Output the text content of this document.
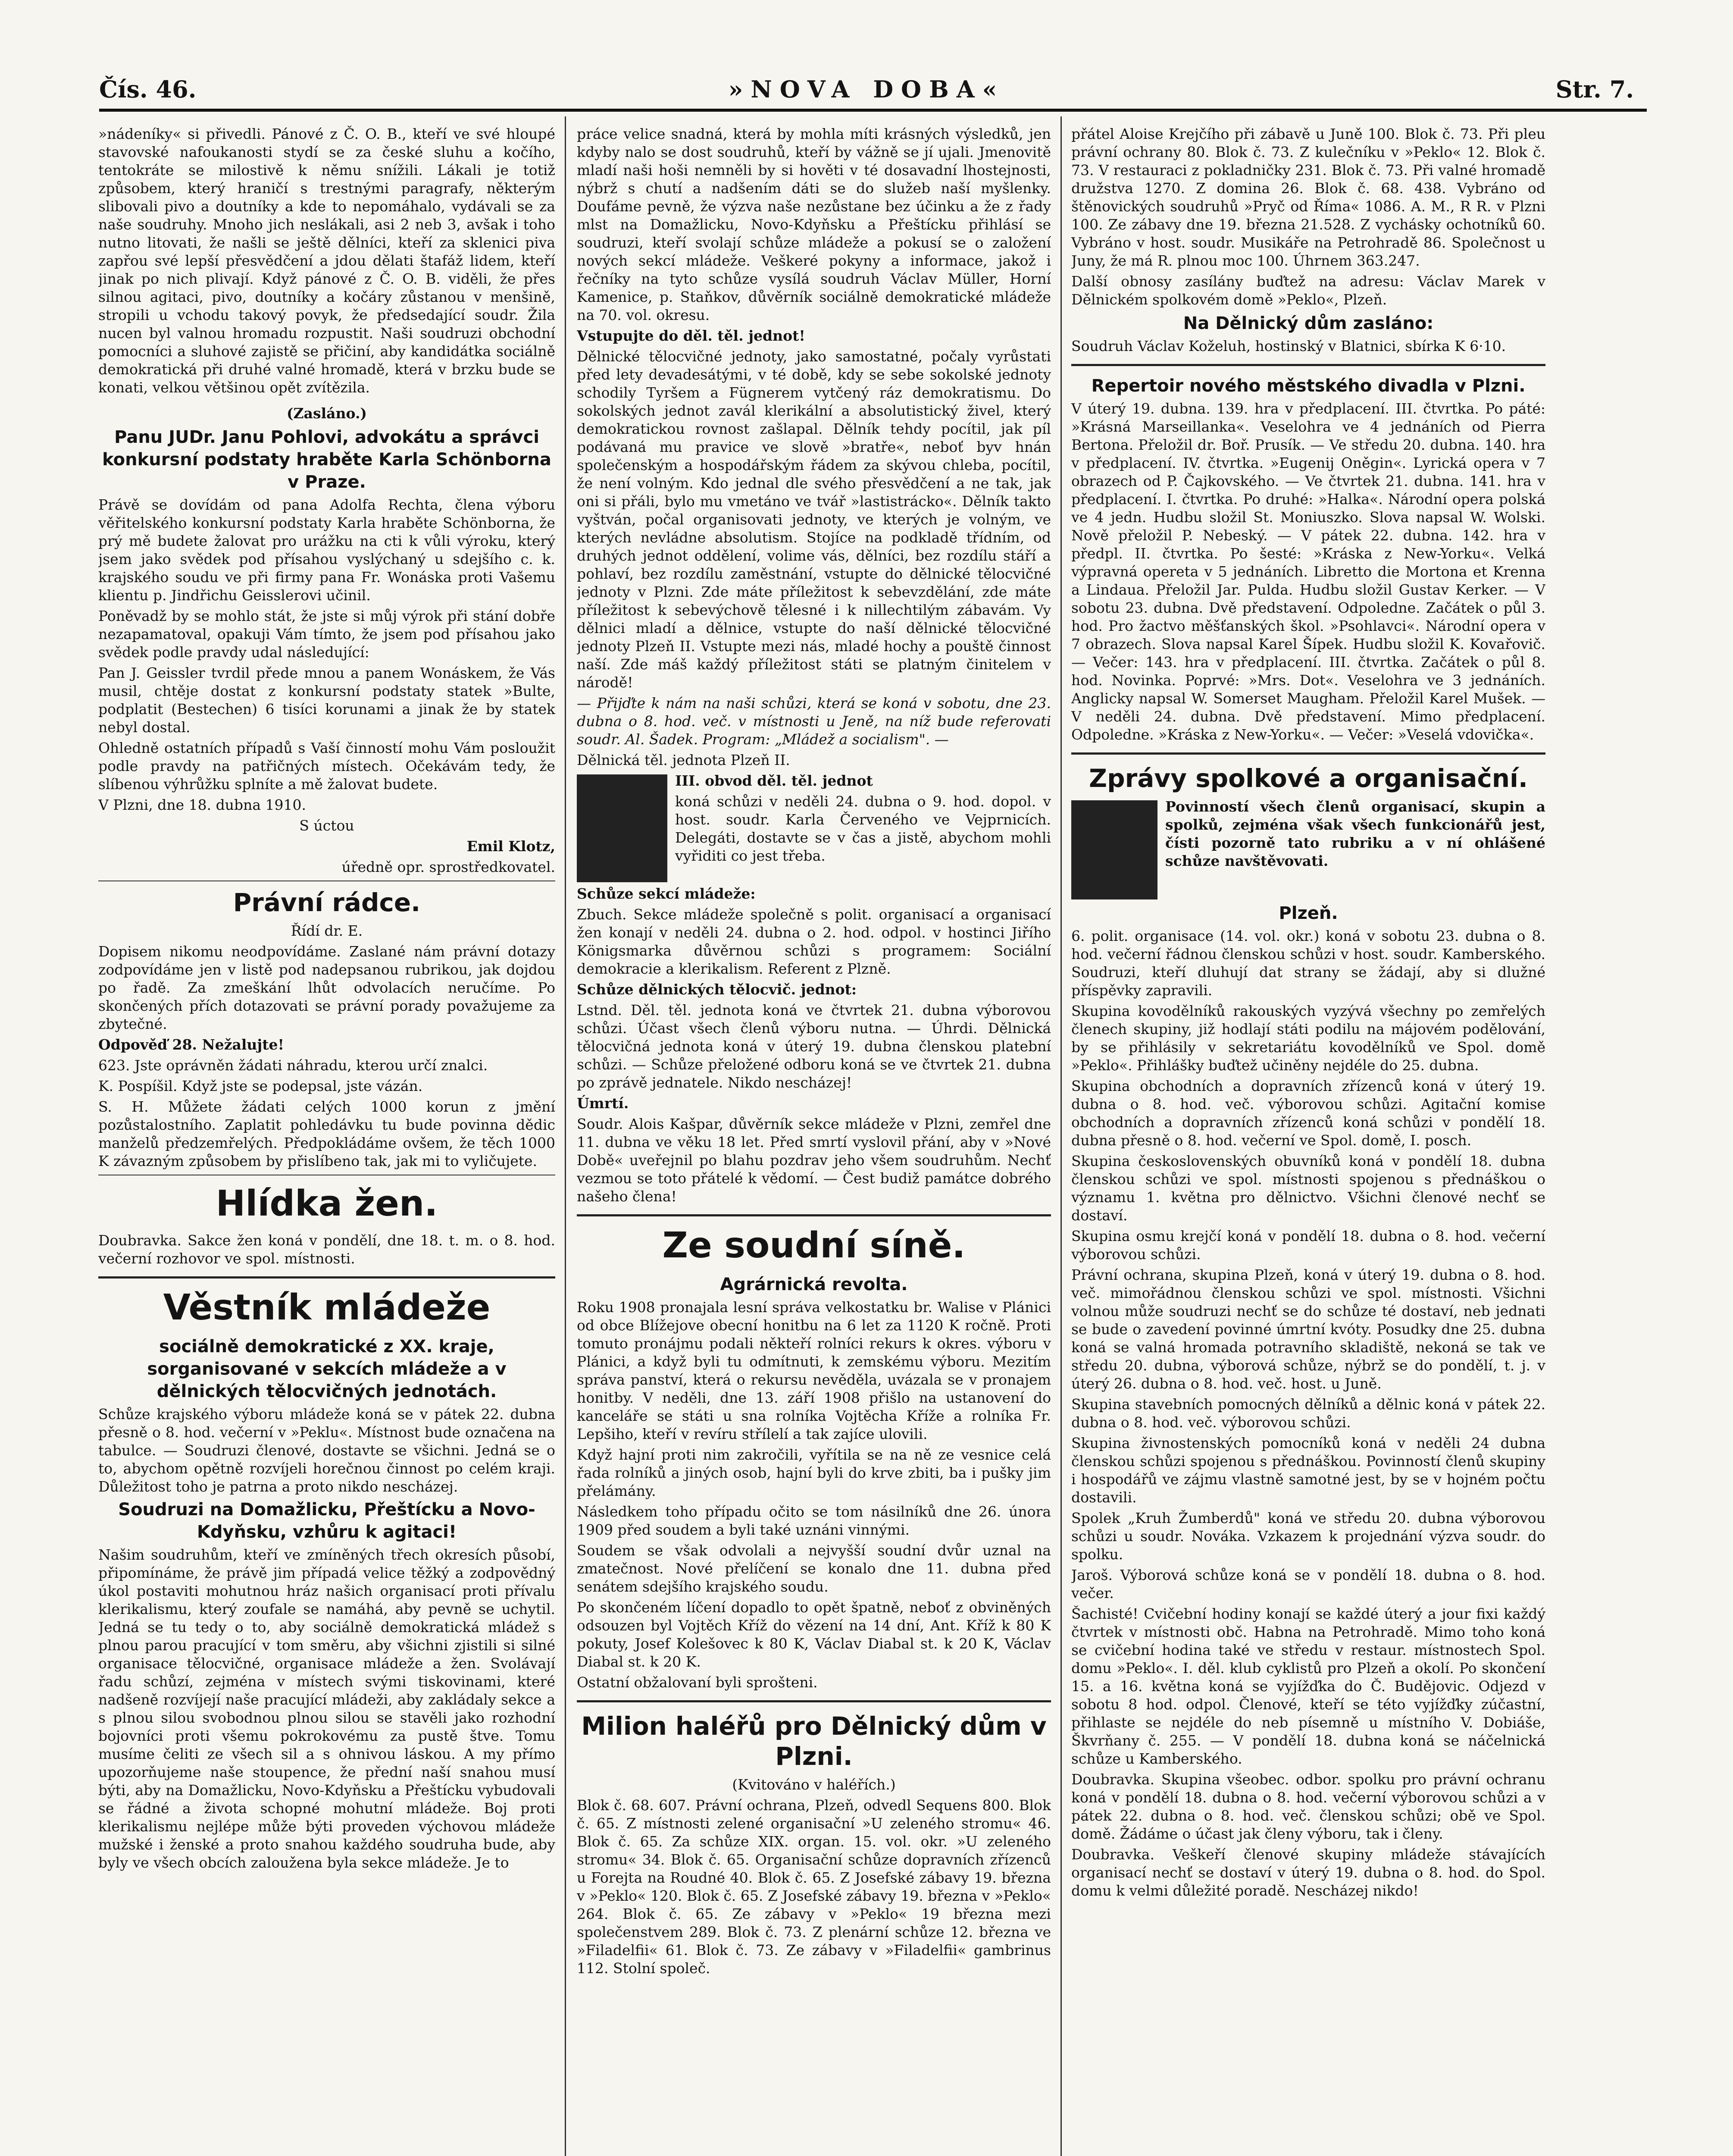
Čís. 46.	»NOVA DOBA«	Str. 7.

»nádeníky« si přivedli. Pánové z Č. O. B., kteří ve své hloupé stavovské nafoukanosti stydí se za české sluhu a kočího, tentokráte se milostivě k němu snížili. Lákali je totiž způsobem, který hraničí s trestnými paragrafy, některým slibovali pivo a doutníky a kde to nepomáhalo, vydávali se za naše soudruhy. Mnoho jich neslákali, asi 2 neb 3, avšak i toho nutno litovati, že našli se ještě dělníci, kteří za sklenici piva zapřou své lepší přesvědčení a jdou dělati štafáž lidem, kteří jinak po nich plivají. Když pánové z Č. O. B. viděli, že přes silnou agitaci, pivo, doutníky a kočáry zůstanou v menšině, stropili u vchodu takový povyk, že předsedající soudr. Žila nucen byl valnou hromadu rozpustit. Naši soudruzi obchodní pomocníci a sluhové zajistě se přičiní, aby kandidátka sociálně demokratická při druhé valné hromadě, která v brzku bude se konati, velkou většinou opět zvítězila.

(Zasláno.)

Panu JUDr. Janu Pohlovi, advokátu a správci konkursní podstaty hraběte Karla Schönborna v Praze.

Právě se dovídám od pana Adolfa Rechta, člena výboru věřitelského konkursní podstaty Karla hraběte Schönborna, že prý mě budete žalovat pro urážku na cti k vůli výroku, který jsem jako svědek pod přísahou vyslýchaný u sdejšího c. k. krajského soudu ve při firmy pana Fr. Wonáska proti Vašemu klientu p. Jindřichu Geisslerovi učinil.

Poněvadž by se mohlo stát, že jste si můj výrok při stání dobře nezapamatoval, opakuji Vám tímto, že jsem pod přísahou jako svědek podle pravdy udal následující:

Pan J. Geissler tvrdil přede mnou a panem Wonáskem, že Vás musil, chtěje dostat z konkursní podstaty statek »Bulte, podplatit (Bestechen) 6 tisíci korunami a jinak že by statek nebyl dostal.

Ohledně ostatních případů s Vaší činností mohu Vám posloužit podle pravdy na patřičných místech. Očekávám tedy, že slíbenou výhrůžku splníte a mě žalovat budete.

V Plzni, dne 18. dubna 1910.

S úctou

Emil Klotz,

úředně opr. sprostředkovatel.

Právní rádce.

Řídí dr. E.

Dopisem nikomu neodpovídáme. Zaslané nám právní dotazy zodpovídáme jen v listě pod nadepsanou rubrikou, jak dojdou po řadě. Za zmeškání lhůt odvolacích neručíme. Po skončených přích dotazovati se právní porady považujeme za zbytečné.

Odpověď 28. Nežalujte!

623. Jste oprávněn žádati náhradu, kterou určí znalci.

K. Pospíšil. Když jste se podepsal, jste vázán.

S. H. Můžete žádati celých 1000 korun z jmění pozůstalostního. Zaplatit pohledávku tu bude povinna dědic manželů předzemřelých. Předpokládáme ovšem, že těch 1000 K závazným způsobem by přislíbeno tak, jak mi to vyličujete.

Hlídka žen.

Doubravka. Sakce žen koná v pondělí, dne 18. t. m. o 8. hod. večerní rozhovor ve spol. místnosti.

Věstník mládeže
sociálně demokratické z XX. kraje, sorganisované v sekcích mládeže a v dělnických tělocvičných jednotách.

Schůze krajského výboru mládeže koná se v pátek 22. dubna přesně o 8. hod. večerní v »Peklu«. Místnost bude označena na tabulce. — Soudruzi členové, dostavte se všichni. Jedná se o to, abychom opětně rozvíjeli horečnou činnost po celém kraji. Důležitost toho je patrna a proto nikdo nescházej.

Soudruzi na Domažlicku, Přeštícku a Novo-Kdyňsku, vzhůru k agitaci!

Našim soudruhům, kteří ve zmíněných třech okresích působí, připomínáme, že právě jim případá velice těžký a zodpovědný úkol postaviti mohutnou hráz našich organisací proti přívalu klerikalismu, který zoufale se namáhá, aby pevně se uchytil. Jedná se tu tedy o to, aby sociálně demokratická mládež s plnou parou pracující v tom směru, aby všichni zjistili si silné organisace tělocvičné, organisace mládeže a žen. Svolávají řadu schůzí, zejména v místech svými tiskovinami, které nadšeně rozvíjejí naše pracující mládeži, aby zakládaly sekce a s plnou silou svobodnou plnou silou se stavěli jako rozhodní bojovníci proti všemu pokrokovému za pustě štve. Tomu musíme čeliti ze všech sil a s ohnivou láskou. A my přímo upozorňujeme naše stoupence, že přední naší snahou musí býti, aby na Domažlicku, Novo-Kdyňsku a Přeštícku vybudovali se řádné a života schopné mohutní mládeže. Boj proti klerikalismu nejlépe může býti proveden výchovou mládeže mužské i ženské a proto snahou každého soudruha bude, aby byly ve všech obcích zaloužena byla sekce mládeže. Je to

práce velice snadná, která by mohla míti krásných výsledků, jen kdyby nalo se dost soudruhů, kteří by vážně se jí ujali. Jmenovitě mladí naši hoši nemněli by si hověti v té dosavadní lhostejnosti, nýbrž s chutí a nadšením dáti se do služeb naší myšlenky. Doufáme pevně, že výzva naše nezůstane bez účinku a že z řady mlst na Domažlicku, Novo-Kdyňsku a Přeštícku přihlásí se soudruzi, kteří svolají schůze mládeže a pokusí se o založení nových sekcí mládeže. Veškeré pokyny a informace, jakož i řečníky na tyto schůze vysílá soudruh Václav Müller, Horní Kamenice, p. Staňkov, důvěrník sociálně demokratické mládeže na 70. vol. okresu.

Vstupujte do děl. těl. jednot!

Dělnické tělocvičné jednoty, jako samostatné, počaly vyrůstati před lety devadesátými, v té době, kdy se sebe sokolské jednoty schodily Tyršem a Fügnerem vytčený ráz demokratismu. Do sokolských jednot zavál klerikální a absolutistický živel, který demokratickou rovnost zašlapal. Dělník tehdy pocítil, jak píl podávaná mu pravice ve slově »bratře«, neboť byv hnán společenským a hospodářským řádem za skývou chleba, pocítil, že není volným. Kdo jednal dle svého přesvědčení a ne tak, jak oni si přáli, bylo mu vmetáno ve tvář »lastistrácko«. Dělník takto vyštván, počal organisovati jednoty, ve kterých je volným, ve kterých nevládne absolutism. Stojíce na podkladě třídním, od druhých jednot oddělení, volime vás, dělníci, bez rozdílu stáří a pohlaví, bez rozdílu zaměstnání, vstupte do dělnické tělocvičné jednoty v Plzni. Zde máte příležitost k sebevzdělání, zde máte příležitost k sebevýchově tělesné i k nillechtilým zábavám. Vy dělnici mladí a dělnice, vstupte do naší dělnické tělocvičné jednoty Plzeň II. Vstupte mezi nás, mladé hochy a pouště činnost naší. Zde máš každý příležitost státi se platným činitelem v národě!

— Přijďte k nám na naši schůzi, která se koná v sobotu, dne 23. dubna o 8. hod. več. v místnosti u Jeně, na níž bude referovati soudr. Al. Šadek. Program: „Mládež a socialism". —

Dělnická těl. jednota Plzeň II.

III. obvod děl. těl. jednot

koná schůzi v neděli 24. dubna o 9. hod. dopol. v host. soudr. Karla Červeného ve Vejprnicích. Delegáti, dostavte se v čas a jistě, abychom mohli vyřiditi co jest třeba.

Schůze sekcí mládeže:

Zbuch. Sekce mládeže společně s polit. organisací a organisací žen konají v neděli 24. dubna o 2. hod. odpol. v hostinci Jiřího Königsmarka důvěrnou schůzi s programem: Sociální demokracie a klerikalism. Referent z Plzně.

Schůze dělnických tělocvič. jednot:

Lstnd. Děl. těl. jednota koná ve čtvrtek 21. dubna výborovou schůzi. Účast všech členů výboru nutna. — Úhrdi. Dělnická tělocvičná jednota koná v úterý 19. dubna členskou platební schůzi. — Schůze přeložené odboru koná se ve čtvrtek 21. dubna po zprávě jednatele. Nikdo nescházej!

Úmrtí.

Soudr. Alois Kašpar, důvěrník sekce mládeže v Plzni, zemřel dne 11. dubna ve věku 18 let. Před smrtí vyslovil přání, aby v »Nové Době« uveřejnil po blahu pozdrav jeho všem soudruhům. Nechť vezmou se toto přátelé k vědomí. — Čest budiž památce dobrého našeho člena!

Ze soudní síně.
Agrárnická revolta.

Roku 1908 pronajala lesní správa velkostatku br. Walise v Plánici od obce Blížejove obecní honitbu na 6 let za 1120 K ročně. Proti tomuto pronájmu podali někteří rolníci rekurs k okres. výboru v Plánici, a když byli tu odmítnuti, k zemskému výboru. Mezitím správa panství, která o rekursu nevěděla, uvázala se v pronajem honitby. V neděli, dne 13. září 1908 přišlo na ustanovení do kanceláře se státi u sna rolníka Vojtěcha Kříže a rolníka Fr. Lepšiho, kteří v revíru střílelí a tak zajíce ulovili.

Když hajní proti nim zakročili, vyřítila se na ně ze vesnice celá řada rolníků a jiných osob, hajní byli do krve zbiti, ba i pušky jim přelámány.

Následkem toho případu očito se tom násilníků dne 26. února 1909 před soudem a byli také uznáni vinnými.

Soudem se však odvolali a nejvyšší soudní dvůr uznal na zmatečnost. Nové přelíčení se konalo dne 11. dubna před senátem sdejšího krajského soudu.

Po skončeném líčení dopadlo to opět špatně, neboť z obviněných odsouzen byl Vojtěch Kříž do vězení na 14 dní, Ant. Kříž k 80 K pokuty, Josef Kolešovec k 80 K, Václav Diabal st. k 20 K, Václav Diabal st. k 20 K.

Ostatní obžalovaní byli sprošteni.

Milion haléřů pro Dělnický dům v Plzni.

(Kvitováno v haléřích.)

Blok č. 68. 607. Právní ochrana, Plzeň, odvedl Sequens 800. Blok č. 65. Z místnosti zelené organisační »U zeleného stromu« 46. Blok č. 65. Za schůze XIX. organ. 15. vol. okr. »U zeleného stromu« 34. Blok č. 65. Organisační schůze dopravních zřízenců u Forejta na Roudné 40. Blok č. 65. Z Josefské zábavy 19. března v »Peklo« 120. Blok č. 65. Z Josefské zábavy 19. března v »Peklo« 264. Blok č. 65. Ze zábavy v »Peklo« 19 března mezi společenstvem 289. Blok č. 73. Z plenární schůze 12. března ve »Filadelfii« 61. Blok č. 73. Ze zábavy v »Filadelfii« gambrinus 112. Stolní společ.

přátel Aloise Krejčího při zábavě u Juně 100. Blok č. 73. Při pleu právní ochrany 80. Blok č. 73. Z kulečníku v »Peklo« 12. Blok č. 73. V restauraci z pokladničky 231. Blok č. 73. Při valné hromadě družstva 1270. Z domina 26. Blok č. 68. 438. Vybráno od štěnovických soudruhů »Pryč od Říma« 1086. A. M., R R. v Plzni 100. Ze zábavy dne 19. března 21.528. Z vychásky ochotníků 60. Vybráno v host. soudr. Musikáře na Petrohradě 86. Společnost u Juny, že má R. plnou moc 100. Úhrnem 363.247.

Další obnosy zasílány buďtež na adresu: Václav Marek v Dělnickém spolkovém domě »Peklo«, Plzeň.

Na Dělnický dům zaslánо:

Soudruh Václav Koželuh, hostinský v Blatnici, sbírka K 6·10.

Repertoir nového městského divadla v Plzni.

V úterý 19. dubna. 139. hra v předplacení. III. čtvrtka. Po páté: »Krásná Marseillanka«. Veselohra ve 4 jednáních od Pierra Bertona. Přeložil dr. Boř. Prusík. — Ve středu 20. dubna. 140. hra v předplacení. IV. čtvrtka. »Eugenij Oněgin«. Lyrická opera v 7 obrazech od P. Čajkovského. — Ve čtvrtek 21. dubna. 141. hra v předplacení. I. čtvrtka. Po druhé: »Halka«. Národní opera polská ve 4 jedn. Hudbu složil St. Moniuszko. Slova napsal W. Wolski. Nově přeložil P. Nebeský. — V pátek 22. dubna. 142. hra v předpl. II. čtvrtka. Po šesté: »Kráska z New-Yorku«. Velká výpravná opereta v 5 jednáních. Libretto die Mortona et Krenna a Lindaua. Přeložil Jar. Pulda. Hudbu složil Gustav Kerker. — V sobotu 23. dubna. Dvě představení. Odpoledne. Začátek o půl 3. hod. Pro žactvo měšťanských škol. »Psohlavci«. Národní opera v 7 obrazech. Slova napsal Karel Šípek. Hudbu složil K. Kovařovič. — Večer: 143. hra v předplacení. III. čtvrtka. Začátek o půl 8. hod. Novinka. Poprvé: »Mrs. Dot«. Veselohra ve 3 jednáních. Anglicky napsal W. Somerset Maugham. Přeložil Karel Mušek. — V neděli 24. dubna. Dvě představení. Mimo předplacení. Odpoledne. »Kráska z New-Yorku«. — Večer: »Veselá vdovička«.

Zprávy spolkové a organisační.

Povinností všech členů organisací, skupin a spolků, zejména však všech funkcionářů jest, čísti pozorně tato rubriku a v ní ohlášené schůze navštěvovati.

Plzeň.

6. polit. organisace (14. vol. okr.) koná v sobotu 23. dubna o 8. hod. večerní řádnou členskou schůzi v host. soudr. Kamberského. Soudruzi, kteří dluhují dat strany se žádají, aby si dlužné příspěvky zapravili.

Skupina kovodělníků rakouských vyzývá všechny po zemřelých členech skupiny, již hodlají státi podilu na májovém podělování, by se přihlásily v sekretariátu kovodělníků ve Spol. domě »Peklo«. Přihlášky buďtež učiněny nejdéle do 25. dubna.

Skupina obchodních a dopravních zřízenců koná v úterý 19. dubna o 8. hod. več. výborovou schůzi. Agitační komise obchodních a dopravních zřízenců koná schůzi v pondělí 18. dubna přesně o 8. hod. večerní ve Spol. domě, I. posch.

Skupina československých obuvníků koná v pondělí 18. dubna členskou schůzi ve spol. místnosti spojenou s přednáškou o významu 1. května pro dělnictvo. Všichni členové nechť se dostaví.

Skupina osmu krejčí koná v pondělí 18. dubna o 8. hod. večerní výborovou schůzi.

Právní ochrana, skupina Plzeň, koná v úterý 19. dubna o 8. hod. več. mimořádnou členskou schůzi ve spol. místnosti. Všichni volnou může soudruzi nechť se do schůze té dostaví, neb jednati se bude o zavedení povinné úmrtní kvóty. Posudky dne 25. dubna koná se valná hromada potravního skladiště, nekoná se tak ve středu 20. dubna, výborová schůze, nýbrž se do pondělí, t. j. v úterý 26. dubna o 8. hod. več. host. u Juně.

Skupina stavebních pomocných dělníků a dělnic koná v pátek 22. dubna o 8. hod. več. výborovou schůzi.

Skupina živnostenských pomocníků koná v neděli 24 dubna členskou schůzi spojenou s přednáškou. Povinností členů skupiny i hospodářů ve zájmu vlastně samotné jest, by se v hojném počtu dostavili.

Spolek „Kruh Žumberdů" koná ve středu 20. dubna výborovou schůzi u soudr. Nováka. Vzkazem k projednání výzva soudr. do spolku.

Jaroš. Výborová schůze koná se v pondělí 18. dubna o 8. hod. večer.

Šachisté! Cvičební hodiny konají se každé úterý a jour fixi každý čtvrtek v místnosti obč. Habna na Petrohradě. Mimo toho koná se cvičební hodina také ve středu v restaur. místnostech Spol. domu »Peklo«. I. děl. klub cyklistů pro Plzeň a okolí. Po skončení 15. a 16. května koná se vyjížďka do Č. Budějovic. Odjezd v sobotu 8 hod. odpol. Členové, kteří se této vyjížďky zúčastní, přihlaste se nejdéle do neb písemně u místního V. Dobiáše, Škvrňany č. 255. — V pondělí 18. dubna koná se náčelnická schůze u Kamberského.

Doubravka. Skupina všeobec. odbor. spolku pro právní ochranu koná v pondělí 18. dubna o 8. hod. večerní výborovou schůzi a v pátek 22. dubna o 8. hod. več. členskou schůzi; obě ve Spol. domě. Žádáme o účast jak členy výboru, tak i členy.

Doubravka. Veškeří členové skupiny mládeže stávajících organisací nechť se dostaví v úterý 19. dubna o 8. hod. do Spol. domu k velmi důležité poradě. Nescházej nikdo!
